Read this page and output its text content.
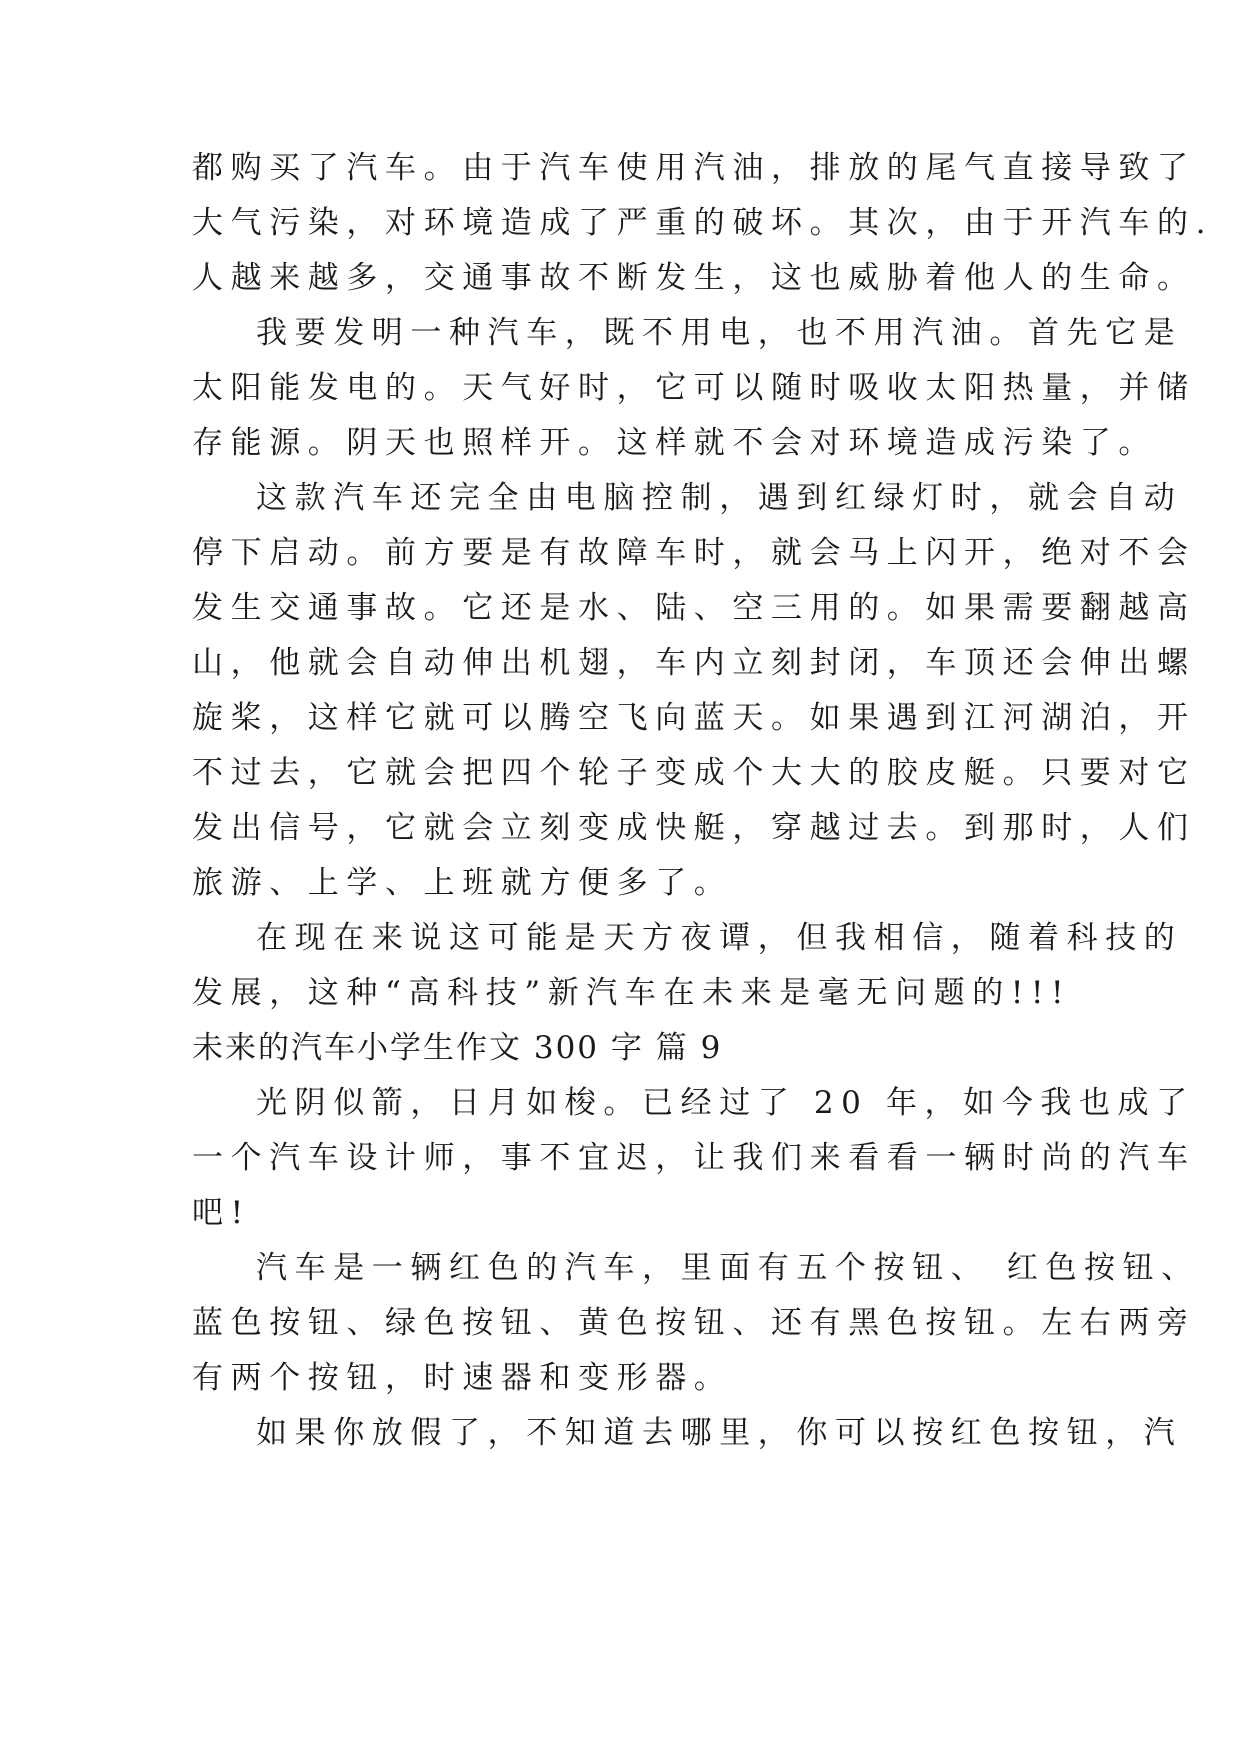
都购买了汽车。由于汽车使用汽油，排放的尾气直接导致了
大气污染，对环境造成了严重的破坏。其次，由于开汽车的.
人越来越多，交通事故不断发生，这也威胁着他人的生命。
我要发明一种汽车，既不用电，也不用汽油。首先它是
太阳能发电的。天气好时，它可以随时吸收太阳热量，并储
存能源。阴天也照样开。这样就不会对环境造成污染了。
这款汽车还完全由电脑控制，遇到红绿灯时，就会自动
停下启动。前方要是有故障车时，就会马上闪开，绝对不会
发生交通事故。它还是水、陆、空三用的。如果需要翻越高
山，他就会自动伸出机翅，车内立刻封闭，车顶还会伸出螺
旋桨，这样它就可以腾空飞向蓝天。如果遇到江河湖泊，开
不过去，它就会把四个轮子变成个大大的胶皮艇。只要对它
发出信号，它就会立刻变成快艇，穿越过去。到那时，人们
旅游、上学、上班就方便多了。
在现在来说这可能是天方夜谭，但我相信，随着科技的
发展，这种“高科技”新汽车在未来是毫无问题的!!!
未来的汽车小学生作文 300 字 篇 9
光阴似箭，日月如梭。已经过了 20 年，如今我也成了
一个汽车设计师，事不宜迟，让我们来看看一辆时尚的汽车
吧!
汽车是一辆红色的汽车，里面有五个按钮、 红色按钮、
蓝色按钮、绿色按钮、黄色按钮、还有黑色按钮。左右两旁
有两个按钮，时速器和变形器。
如果你放假了，不知道去哪里，你可以按红色按钮，汽
